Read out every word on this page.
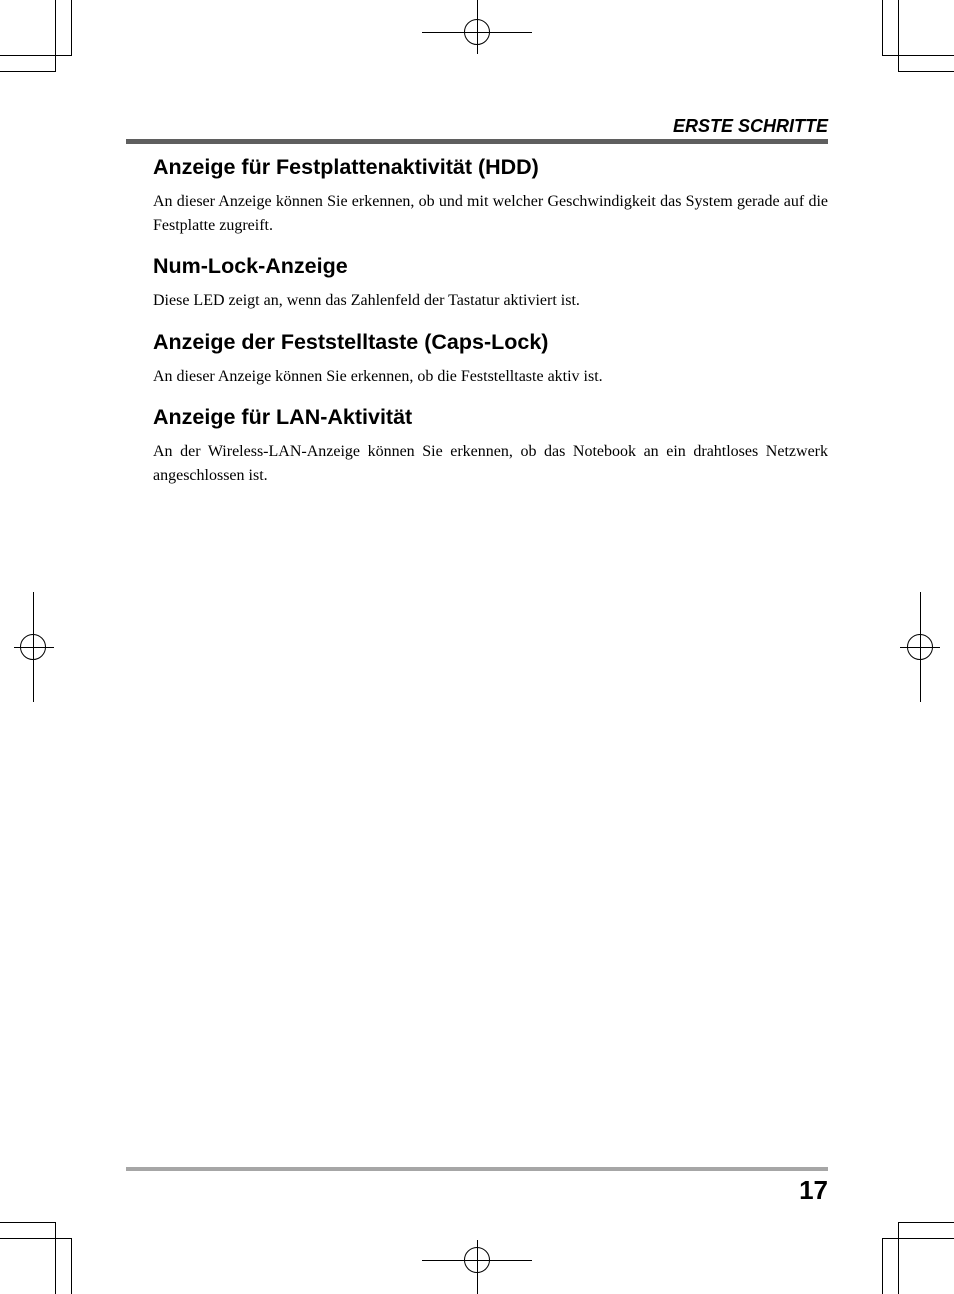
ERSTE SCHRITTE
Anzeige für Festplattenaktivität (HDD)

An dieser Anzeige können Sie erkennen, ob und mit welcher Geschwindigkeit das System gerade auf die Festplatte zugreift.

Num-Lock-Anzeige

Diese LED zeigt an, wenn das Zahlenfeld der Tastatur aktiviert ist.

Anzeige der Feststelltaste (Caps-Lock)

An dieser Anzeige können Sie erkennen, ob die Feststelltaste aktiv ist.

Anzeige für LAN-Aktivität

An der Wireless-LAN-Anzeige können Sie erkennen, ob das Notebook an ein drahtloses Netzwerk angeschlossen ist.

17
